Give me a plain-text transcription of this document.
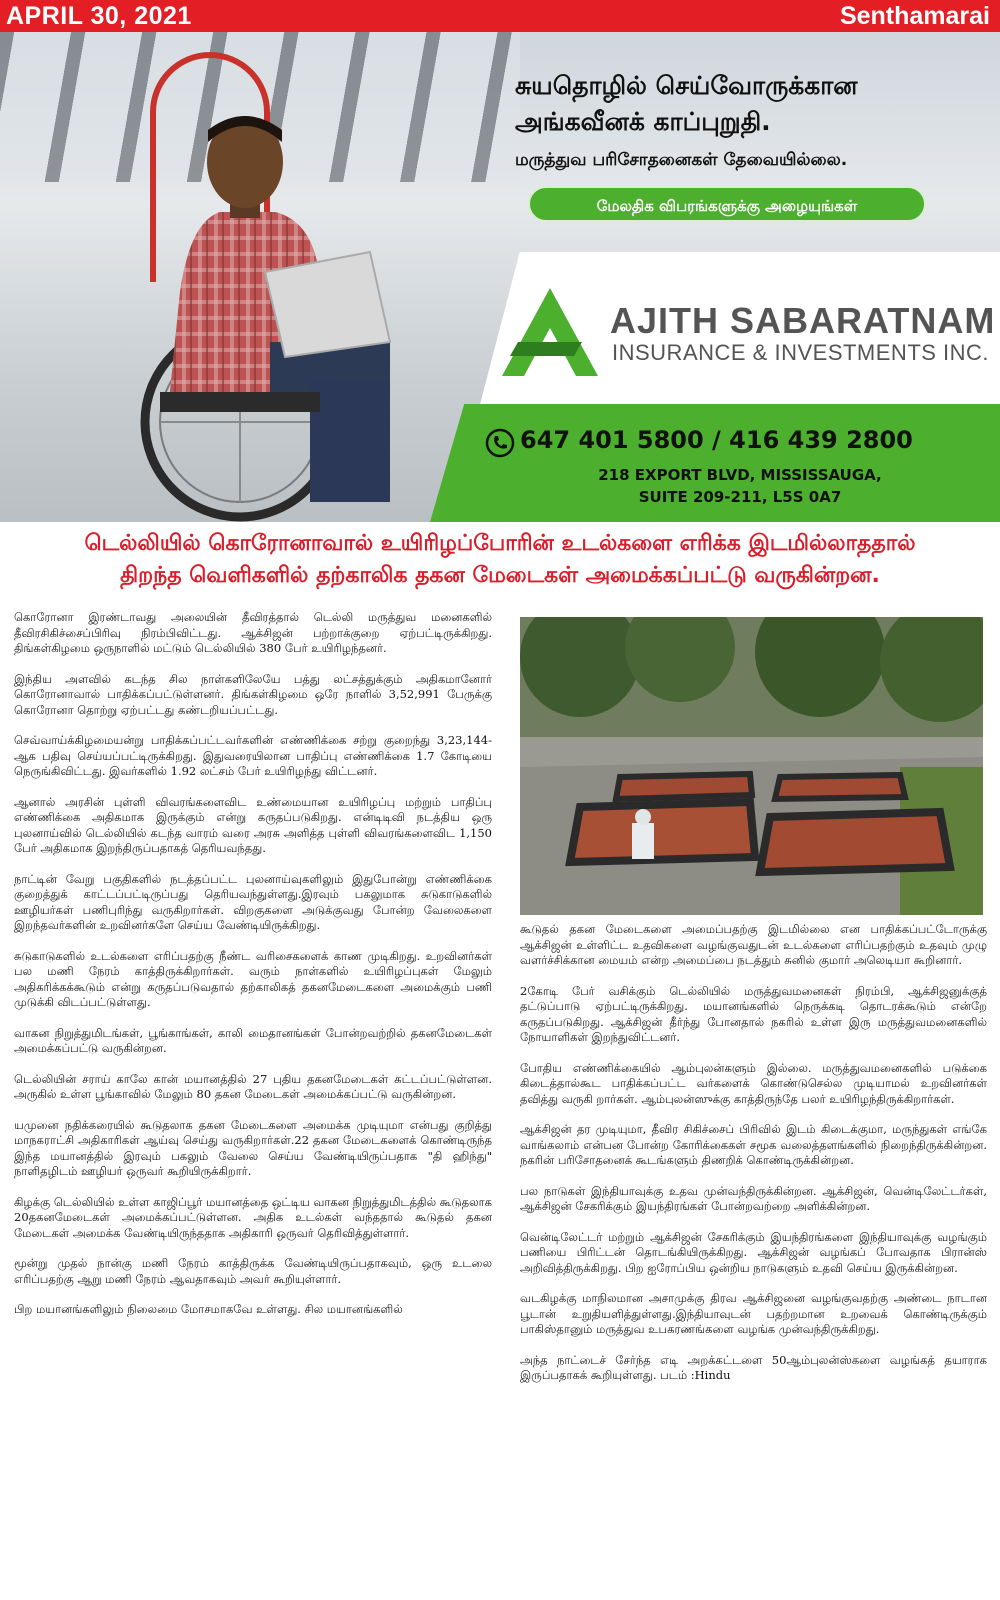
APRIL 30, 2021	Senthamarai
சுயதொழில் செய்வோருக்கான அங்கவீனக் காப்புறுதி.
மருத்துவ பரிசோதனைகள் தேவையில்லை.
மேலதிக விபரங்களுக்கு அழையுங்கள்
AJITH SABARATNAM
INSURANCE & INVESTMENTS INC.
647 401 5800 / 416 439 2800
218 EXPORT BLVD, MISSISSAUGA,
SUITE 209-211, L5S 0A7
டெல்லியில் கொரோனாவால் உயிரிழப்போரின் உடல்களை எரிக்க இடமில்லாததால்
திறந்த வெளிகளில் தற்காலிக தகன மேடைகள் அமைக்கப்பட்டு வருகின்றன.

கொரோனா இரண்டாவது அலையின் தீவிரத்தால் டெல்லி மருத்துவ மனைகளில் தீவிரசிகிச்சைப்பிரிவு நிரம்பிவிட்டது. ஆக்சிஜன் பற்றாக்குறை ஏற்பட்டிருக்கிறது. திங்கள்கிழமை ஒருநாளில் மட்டும் டெல்லியில் 380 பேர் உயிரிழந்தனர்.

இந்திய அளவில் கடந்த சில நாள்களிலேயே பத்து லட்சத்துக்கும் அதிகமானோர் கொரோனாவால் பாதிக்கப்பட்டுள்ளனர். திங்கள்கிழமை ஒரே நாளில் 3,52,991 பேருக்கு கொரோனா தொற்று ஏற்பட்டது கண்டறியப்பட்டது.

செவ்வாய்க்கிழமையன்று பாதிக்கப்பட்டவர்களின் எண்ணிக்கை சற்று குறைந்து 3,23,144-ஆக பதிவு செய்யப்பட்டிருக்கிறது. இதுவரையிலான பாதிப்பு எண்ணிக்கை 1.7 கோடியை நெருங்கிவிட்டது. இவர்களில் 1.92 லட்சம் பேர் உயிரிழந்து விட்டனர்.

ஆனால் அரசின் புள்ளி விவரங்களைவிட உண்மையான உயிரிழப்பு மற்றும் பாதிப்பு எண்ணிக்கை அதிகமாக இருக்கும் என்று கருதப்படுகிறது. என்டிடிவி நடத்திய ஒரு புலனாய்வில் டெல்லியில் கடந்த வாரம் வரை அரசு அளித்த புள்ளி விவரங்களைவிட 1,150 பேர் அதிகமாக இறந்திருப்பதாகத் தெரியவந்தது.

நாட்டின் வேறு பகுதிகளில் நடத்தப்பட்ட புலனாய்வுகளிலும் இதுபோன்று எண்ணிக்கை குறைத்துக் காட்டப்பட்டிருப்பது தெரியவந்துள்ளது.இரவும் பகலுமாக சுடுகாடுகளில் ஊழியர்கள் பணிபுரிந்து வருகிறார்கள். விறகுகளை அடுக்குவது போன்ற வேலைகளை இறந்தவர்களின் உறவினர்களே செய்ய வேண்டியிருக்கிறது.

சுடுகாடுகளில் உடல்களை எரிப்பதற்கு நீண்ட வரிசைகளைக் காண முடிகிறது. உறவினர்கள் பல மணி நேரம் காத்திருக்கிறார்கள். வரும் நாள்களில் உயிரிழப்புகள் மேலும் அதிகரிக்கக்கூடும் என்று கருதப்படுவதால் தற்காலிகத் தகனமேடைகளை அமைக்கும் பணி முடுக்கி விடப்பட்டுள்ளது.

வாகன நிறுத்துமிடங்கள், பூங்காங்கள், காலி மைதானங்கள் போன்றவற்றில் தகனமேடைகள் அமைக்கப்பட்டு வருகின்றன.

டெல்லியின் சராய் காலே கான் மயானத்தில் 27 புதிய தகனமேடைகள் கட்டப்பட்டுள்ளன. அருகில் உள்ள பூங்காவில் மேலும் 80 தகன மேடைகள் அமைக்கப்பட்டு வருகின்றன.

யமுனை நதிக்கரையில் கூடுதலாக தகன மேடைகளை அமைக்க முடியுமா என்பது குறித்து மாநகராட்சி அதிகாரிகள் ஆய்வு செய்து வருகிறார்கள்.22 தகன மேடைகளைக் கொண்டிருந்த இந்த மயானத்தில் இரவும் பகலும் வேலை செய்ய வேண்டியிருப்பதாக "தி ஹிந்து" நாளிதழிடம் ஊழியர் ஒருவர் கூறியிருக்கிறார்.

கிழக்கு டெல்லியில் உள்ள காஜிப்பூர் மயானத்தை ஒட்டிய வாகன நிறுத்துமிடத்தில் கூடுதலாக 20தகனமேடைகள் அமைக்கப்பட்டுள்ளன. அதிக உடல்கள் வந்ததால் கூடுதல் தகன மேடைகள் அமைக்க வேண்டியிருந்ததாக அதிகாரி ஒருவர் தெரிவித்துள்ளார்.

மூன்று முதல் நான்கு மணி நேரம் காத்திருக்க வேண்டியிருப்பதாகவும், ஒரு உடலை எரிப்பதற்கு ஆறு மணி நேரம் ஆவதாகவும் அவர் கூறியுள்ளார்.

பிற மயானங்களிலும் நிலைமை மோசமாகவே உள்ளது. சில மயானங்களில்

கூடுதல் தகன மேடைகளை அமைப்பதற்கு இடமில்லை என பாதிக்கப்பட்டோருக்கு ஆக்சிஜன் உள்ளிட்ட உதவிகளை வழங்குவதுடன் உடல்களை எரிப்பதற்கும் உதவும் முழு வளர்ச்சிக்கான மையம் என்ற அமைப்பை நடத்தும் சுனில் குமார் அலெடியா கூறினார்.

2கோடி பேர் வசிக்கும் டெல்லியில் மருத்துவமனைகள் நிரம்பி, ஆக்சிஜனுக்குத் தட்டுப்பாடு ஏற்பட்டிருக்கிறது. மயானங்களில் நெருக்கடி தொடரக்கூடும் என்றே கருதப்படுகிறது. ஆக்சிஜன் தீர்ந்து போனதால் நகரில் உள்ள இரு மருத்துவமனைகளில் நோயாளிகள் இறந்துவிட்டனர்.

போதிய எண்ணிக்கையில் ஆம்புலன்களும் இல்லை. மருத்துவமனைகளில் படுக்கை கிடைத்தால்கூட பாதிக்கப்பட்ட வர்களைக் கொண்டுசெல்ல முடியாமல் உறவினர்கள் தவித்து வருகி றார்கள். ஆம்புலன்ஸுக்கு காத்திருந்தே பலர் உயிரிழந்திருக்கிறார்கள்.

ஆக்சிஜன் தர முடியுமா, தீவிர சிகிச்சைப் பிரிவில் இடம் கிடைக்குமா, மருந்துகள் எங்கே வாங்கலாம் என்பன போன்ற கோரிக்கைகள் சமூக வலைத்தளங்களில் நிறைந்திருக்கின்றன. நகரின் பரிசோதனைக் கூடங்களும் திணறிக் கொண்டிருக்கின்றன.

பல நாடுகள் இந்தியாவுக்கு உதவ முன்வந்திருக்கின்றன. ஆக்சிஜன், வென்டிலேட்டர்கள், ஆக்சிஜன் சேகரிக்கும் இயந்திரங்கள் போன்றவற்றை அளிக்கின்றன.

வென்டிலேட்டர் மற்றும் ஆக்சிஜன் சேகரிக்கும் இயந்திரங்களை இந்தியாவுக்கு வழங்கும் பணியை பிரிட்டன் தொடங்கியிருக்கிறது. ஆக்சிஜன் வழங்கப் போவதாக பிரான்ஸ் அறிவித்திருக்கிறது. பிற ஐரோப்பிய ஒன்றிய நாடுகளும் உதவி செய்ய இருக்கின்றன.

வடகிழக்கு மாநிலமான அசாமுக்கு திரவ ஆக்சிஜனை வழங்குவதற்கு அண்டை நாடான பூடான் உறுதியளித்துள்ளது.இந்தியாவுடன் பதற்றமான உறவைக் கொண்டிருக்கும் பாகிஸ்தானும் மருத்துவ உபகரணங்களை வழங்க முன்வந்திருக்கிறது.

அந்த நாட்டைச் சேர்ந்த எடி அறக்கட்டளை 50ஆம்புலன்ஸ்களை வழங்கத் தயாராக இருப்பதாகக் கூறியுள்ளது. படம் :Hindu
